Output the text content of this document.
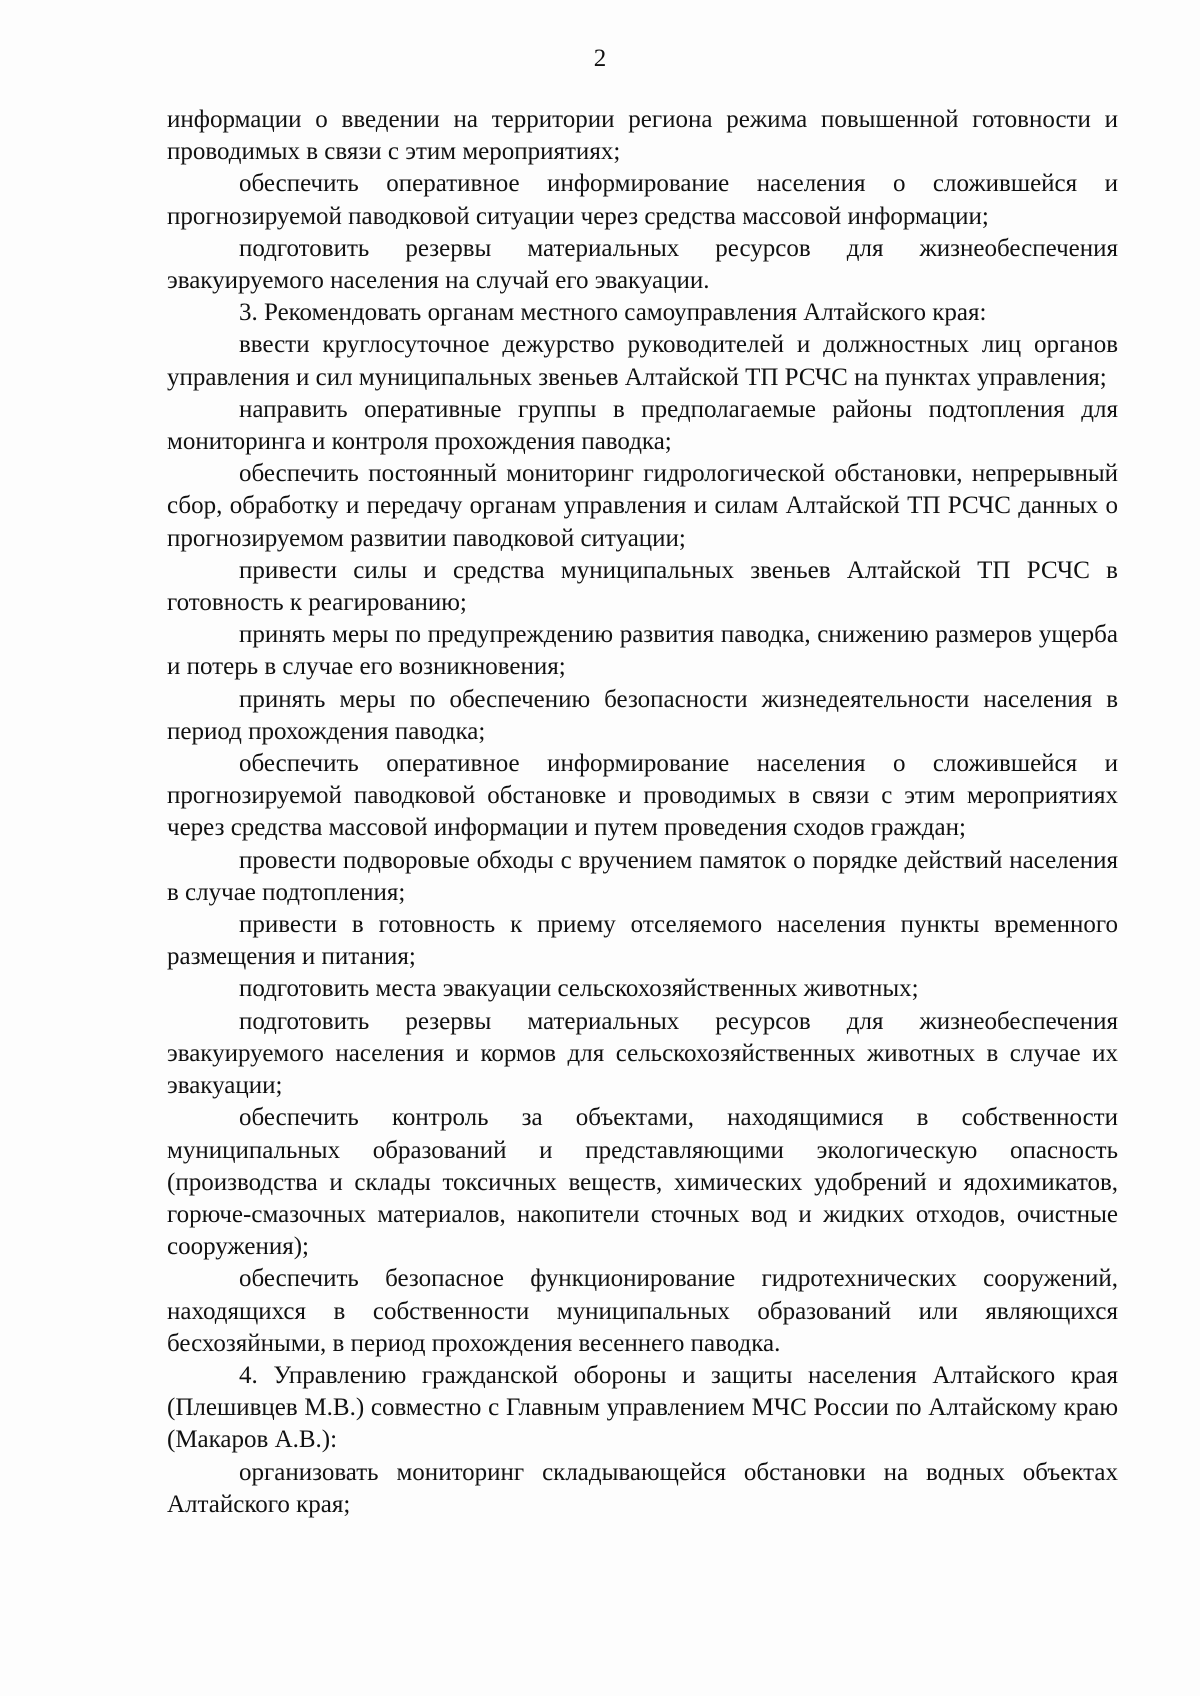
2

информации о введении на территории региона режима повышенной готовности и проводимых в связи с этим мероприятиях;

обеспечить оперативное информирование населения о сложившейся и прогнозируемой паводковой ситуации через средства массовой информации;

подготовить резервы материальных ресурсов для жизнеобеспечения эвакуируемого населения на случай его эвакуации.

3. Рекомендовать органам местного самоуправления Алтайского края:

ввести круглосуточное дежурство руководителей и должностных лиц органов управления и сил муниципальных звеньев Алтайской ТП РСЧС на пунктах управления;

направить оперативные группы в предполагаемые районы подтопления для мониторинга и контроля прохождения паводка;

обеспечить постоянный мониторинг гидрологической обстановки, непрерывный сбор, обработку и передачу органам управления и силам Алтайской ТП РСЧС данных о прогнозируемом развитии паводковой ситуации;

привести силы и средства муниципальных звеньев Алтайской ТП РСЧС в готовность к реагированию;

принять меры по предупреждению развития паводка, снижению размеров ущерба и потерь в случае его возникновения;

принять меры по обеспечению безопасности жизнедеятельности населения в период прохождения паводка;

обеспечить оперативное информирование населения о сложившейся и прогнозируемой паводковой обстановке и проводимых в связи с этим мероприятиях через средства массовой информации и путем проведения сходов граждан;

провести подворовые обходы с вручением памяток о порядке действий населения в случае подтопления;

привести в готовность к приему отселяемого населения пункты временного размещения и питания;

подготовить места эвакуации сельскохозяйственных животных;

подготовить резервы материальных ресурсов для жизнеобеспечения эвакуируемого населения и кормов для сельскохозяйственных животных в случае их эвакуации;

обеспечить контроль за объектами, находящимися в собственности муниципальных образований и представляющими экологическую опасность (производства и склады токсичных веществ, химических удобрений и ядохимикатов, горюче-смазочных материалов, накопители сточных вод и жидких отходов, очистные сооружения);

обеспечить безопасное функционирование гидротехнических сооружений, находящихся в собственности муниципальных образований или являющихся бесхозяйными, в период прохождения весеннего паводка.

4. Управлению гражданской обороны и защиты населения Алтайского края (Плешивцев М.В.) совместно с Главным управлением МЧС России по Алтайскому краю (Макаров А.В.):

организовать мониторинг складывающейся обстановки на водных объектах Алтайского края;
